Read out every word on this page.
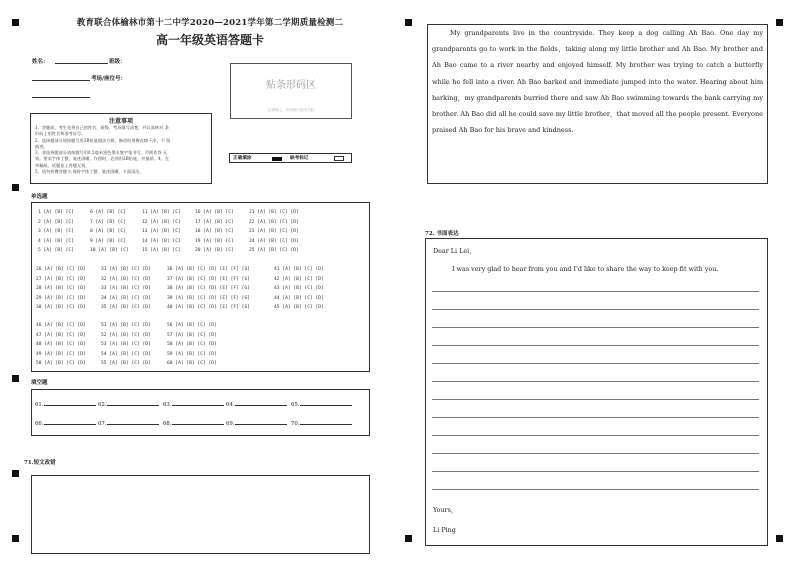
教育联合体榆林市第十二中学2020—2021学年第二学期质量检测二
高一年级英语答题卡
姓名：	班级：
考场/座位号：
贴条形码区
（正面朝上，切勿贴出虚线方框）
注意事项
1、答题前，考生先将自己的姓名、班级、考场填写清楚，并认真核对 条
形码上的姓名和准考证号。
2、选择题部分请按题号用2B铅笔填涂方框，修改时用橡皮擦干净，不 留
痕迹。
3、非选择题部分请按题号用0.5毫米黑色墨水签字笔书写，否则作答 无
效。要求字体工整、笔迹清晰。作图时，必须用2B铅笔，并描浓。4、在
草稿纸、试题卷上答题无效。
5、请勿折叠答题卡,保持字体工整、笔迹清晰、卡面清洁。
正确填涂	缺考标记
单选题
1 [A] [B] [C]
2 [A] [B] [C]
3 [A] [B] [C]
4 [A] [B] [C]
5 [A] [B] [C]
6 [A] [B] [C]
7 [A] [B] [C]
8 [A] [B] [C]
9 [A] [B] [C]
10 [A] [B] [C]
11 [A] [B] [C]
12 [A] [B] [C]
13 [A] [B] [C]
14 [A] [B] [C]
15 [A] [B] [C]
16 [A] [B] [C]
17 [A] [B] [C]
18 [A] [B] [C]
19 [A] [B] [C]
20 [A] [B] [C]
21 [A] [B] [C] [D]
22 [A] [B] [C] [D]
23 [A] [B] [C] [D]
24 [A] [B] [C] [D]
25 [A] [B] [C] [D]
26 [A] [B] [C] [D]
27 [A] [B] [C] [D]
28 [A] [B] [C] [D]
29 [A] [B] [C] [D]
30 [A] [B] [C] [D]
31 [A] [B] [C] [D]
32 [A] [B] [C] [D]
33 [A] [B] [C] [D]
34 [A] [B] [C] [D]
35 [A] [B] [C] [D]
36 [A] [B] [C] [D] [E] [F] [G]
37 [A] [B] [C] [D] [E] [F] [G]
38 [A] [B] [C] [D] [E] [F] [G]
39 [A] [B] [C] [D] [E] [F] [G]
40 [A] [B] [C] [D] [E] [F] [G]
41 [A] [B] [C] [D]
42 [A] [B] [C] [D]
43 [A] [B] [C] [D]
44 [A] [B] [C] [D]
45 [A] [B] [C] [D]
46 [A] [B] [C] [D]
47 [A] [B] [C] [D]
48 [A] [B] [C] [D]
49 [A] [B] [C] [D]
50 [A] [B] [C] [D]
51 [A] [B] [C] [D]
52 [A] [B] [C] [D]
53 [A] [B] [C] [D]
54 [A] [B] [C] [D]
55 [A] [B] [C] [D]
56 [A] [B] [C] [D]
57 [A] [B] [C] [D]
58 [A] [B] [C] [D]
59 [A] [B] [C] [D]
60 [A] [B] [C] [D]
填空题
61.	62.	63.	64.	65.
66.	67.	68.	69.	70.
71.短文改错

My grandparents live in the countryside. They keep a dog calling Ah Bao. One day my grandparents go to work in the fields，taking along my little brother and Ah Bao. My brother and Ah Bao came to a river nearby and enjoyed himself. My brother was trying to catch a butterfly while he fell into a river. Ah Bao barked and immediate jumped into the water. Hearing about him barking，my grandparents burried there and saw Ah Bao swimming towards the bank carrying my brother. Ah Bao did all he could save my little brother，that moved all the people present. Everyone praised Ah Bao for his brave and kindness.

72. 书面表达
Dear Li Lei，
I was very glad to hear from you and I'd like to share the way to keep fit with you.
Yours，
Li Ping
